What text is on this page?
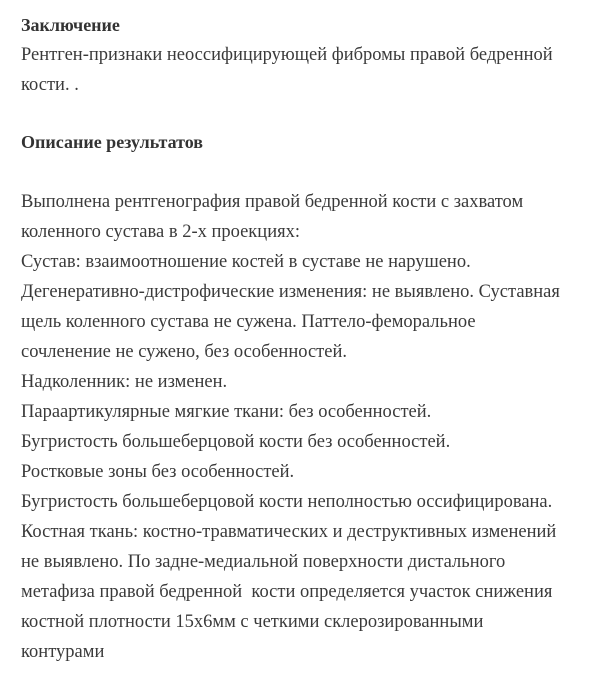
Заключение

Рентген-признаки неоссифицирующей фибромы правой бедренной

кости. .

Описание результатов

Выполнена рентгенография правой бедренной кости с захватом

коленного сустава в 2-х проекциях:

Сустав: взаимоотношение костей в суставе не нарушено.

Дегенеративно-дистрофические изменения: не выявлено. Суставная

щель коленного сустава не сужена. Паттело-феморальное

сочленение не сужено, без особенностей.

Надколенник: не изменен.

Параартикулярные мягкие ткани: без особенностей.

Бугристость большеберцовой кости без особенностей.

Ростковые зоны без особенностей.

Бугристость большеберцовой кости неполностью оссифицирована.

Костная ткань: костно-травматических и деструктивных изменений

не выявлено. По задне-медиальной поверхности дистального

метафиза правой бедренной  кости определяется участок снижения

костной плотности 15х6мм с четкими склерозированными

контурами
